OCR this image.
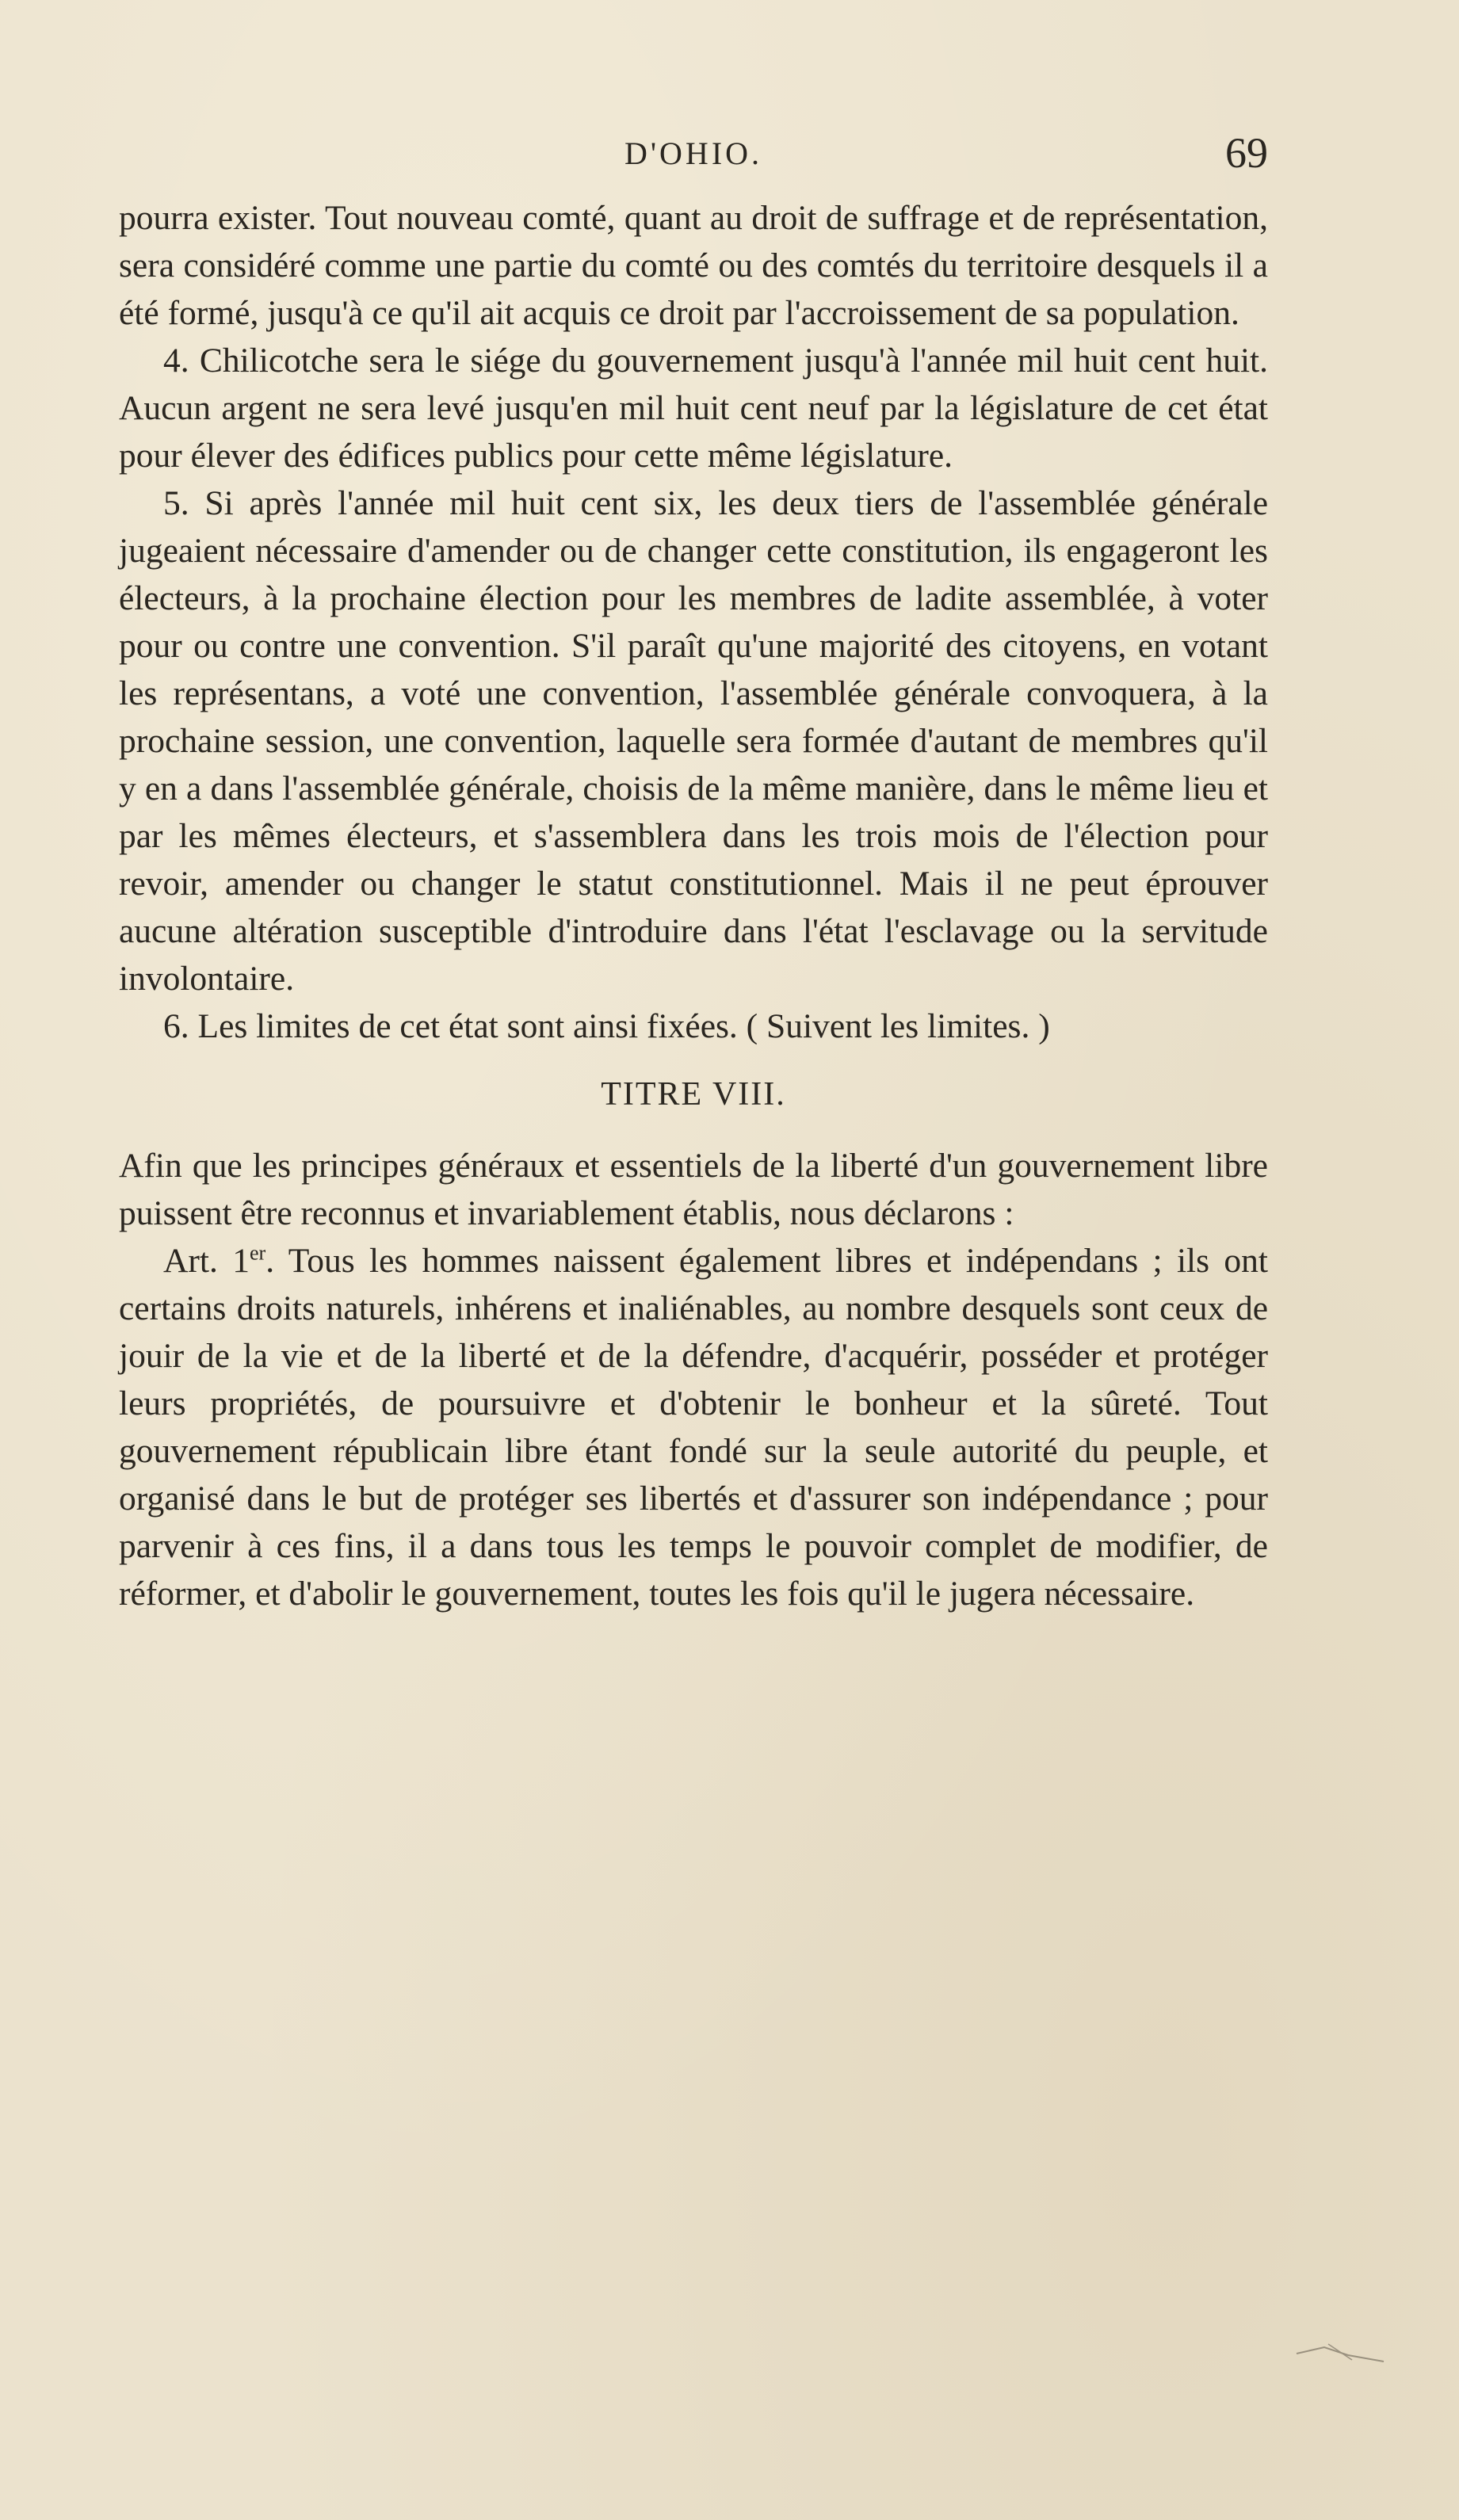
D'OHIO.	69

pourra exister. Tout nouveau comté, quant au droit de suffrage et de représentation, sera considéré comme une partie du comté ou des comtés du territoire desquels il a été formé, jusqu'à ce qu'il ait acquis ce droit par l'accroissement de sa population.

4. Chilicotche sera le siége du gouvernement jusqu'à l'année mil huit cent huit. Aucun argent ne sera levé jusqu'en mil huit cent neuf par la législature de cet état pour élever des édifices publics pour cette même législature.

5. Si après l'année mil huit cent six, les deux tiers de l'assemblée générale jugeaient nécessaire d'amender ou de changer cette constitution, ils engageront les électeurs, à la prochaine élection pour les membres de ladite assemblée, à voter pour ou contre une convention. S'il paraît qu'une majorité des citoyens, en votant les représentans, a voté une convention, l'assemblée générale convoquera, à la prochaine session, une convention, laquelle sera formée d'autant de membres qu'il y en a dans l'assemblée générale, choisis de la même manière, dans le même lieu et par les mêmes électeurs, et s'assemblera dans les trois mois de l'élection pour revoir, amender ou changer le statut constitutionnel. Mais il ne peut éprouver aucune altération susceptible d'introduire dans l'état l'esclavage ou la servitude involontaire.

6. Les limites de cet état sont ainsi fixées. ( Suivent les limites. )

TITRE VIII.

Afin que les principes généraux et essentiels de la liberté d'un gouvernement libre puissent être reconnus et invariablement établis, nous déclarons :

Art. 1er. Tous les hommes naissent également libres et indépendans ; ils ont certains droits naturels, inhérens et inaliénables, au nombre desquels sont ceux de jouir de la vie et de la liberté et de la défendre, d'acquérir, posséder et protéger leurs propriétés, de poursuivre et d'obtenir le bonheur et la sûreté. Tout gouvernement républicain libre étant fondé sur la seule autorité du peuple, et organisé dans le but de protéger ses libertés et d'assurer son indépendance ; pour parvenir à ces fins, il a dans tous les temps le pouvoir complet de modifier, de réformer, et d'abolir le gouvernement, toutes les fois qu'il le jugera nécessaire.
